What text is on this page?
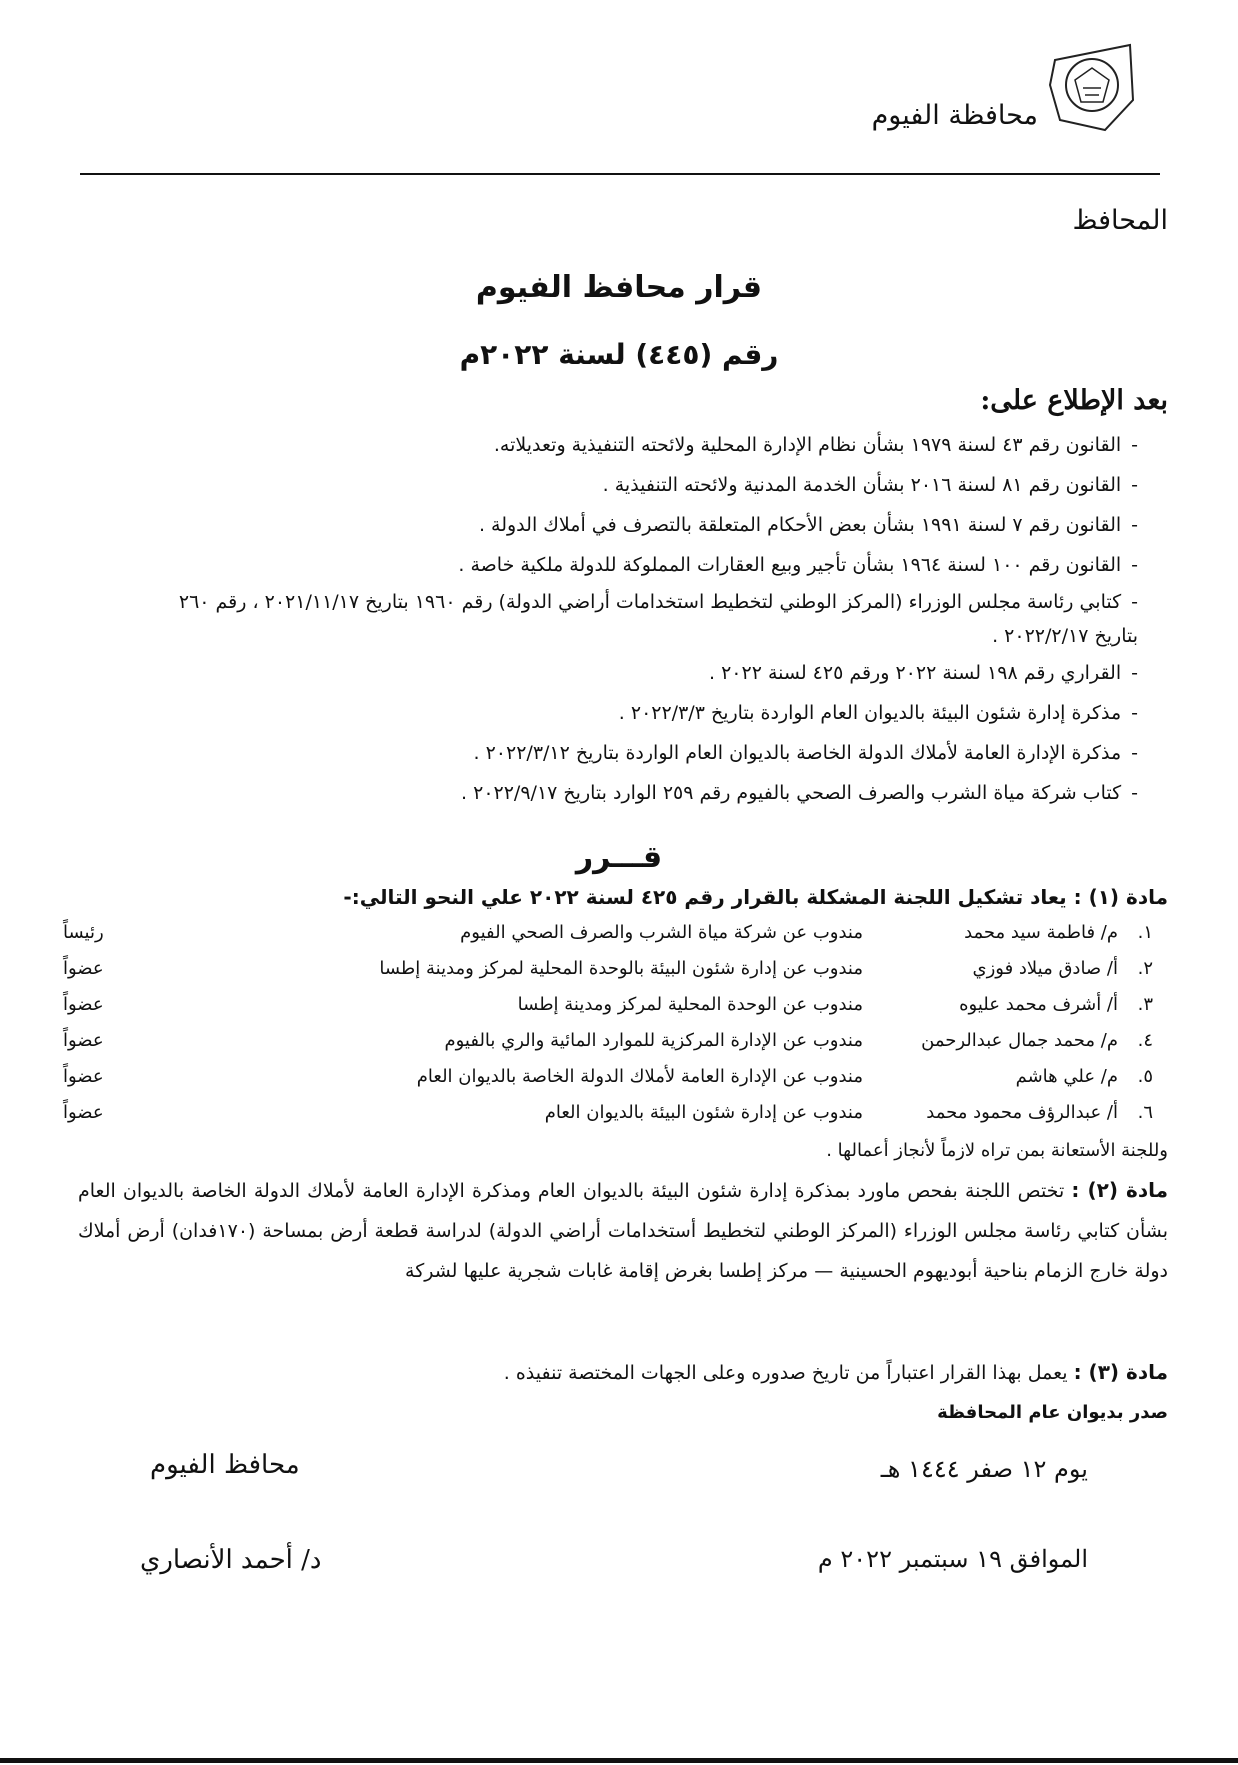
محافظة الفيوم
المحافظ
قرار محافظ الفيوم
رقم (٤٤٥) لسنة ٢٠٢٢م
بعد الإطلاع على:
- القانون رقم ٤٣ لسنة ١٩٧٩ بشأن نظام الإدارة المحلية ولائحته التنفيذية وتعديلاته.
- القانون رقم ٨١ لسنة ٢٠١٦ بشأن الخدمة المدنية ولائحته التنفيذية .
- القانون رقم ٧ لسنة ١٩٩١ بشأن بعض الأحكام المتعلقة بالتصرف في أملاك الدولة .
- القانون رقم ١٠٠ لسنة ١٩٦٤ بشأن تأجير وبيع العقارات المملوكة للدولة ملكية خاصة .
- كتابي رئاسة مجلس الوزراء (المركز الوطني لتخطيط استخدامات أراضي الدولة) رقم ١٩٦٠ بتاريخ ٢٠٢١/١١/١٧ ، رقم ٢٦٠ بتاريخ ٢٠٢٢/٢/١٧ .
- القراري رقم ١٩٨ لسنة ٢٠٢٢ ورقم ٤٢٥ لسنة ٢٠٢٢ .
- مذكرة إدارة شئون البيئة بالديوان العام الواردة بتاريخ ٢٠٢٢/٣/٣ .
- مذكرة الإدارة العامة لأملاك الدولة الخاصة بالديوان العام الواردة بتاريخ ٢٠٢٢/٣/١٢ .
- كتاب شركة مياة الشرب والصرف الصحي بالفيوم رقم ٢٥٩ الوارد بتاريخ ٢٠٢٢/٩/١٧ .
قـــرر
مادة (١) : يعاد تشكيل اللجنة المشكلة بالقرار رقم ٤٢٥ لسنة ٢٠٢٢ علي النحو التالي:-
١.
م/ فاطمة سيد محمد
مندوب عن شركة مياة الشرب والصرف الصحي الفيوم
رئيساً
٢.
أ/ صادق ميلاد فوزي
مندوب عن إدارة شئون البيئة بالوحدة المحلية لمركز ومدينة إطسا
عضواً
٣.
أ/ أشرف محمد عليوه
مندوب عن الوحدة المحلية لمركز ومدينة إطسا
عضواً
٤.
م/ محمد جمال عبدالرحمن
مندوب عن الإدارة المركزية للموارد المائية والري بالفيوم
عضواً
٥.
م/ علي هاشم
مندوب عن الإدارة العامة لأملاك الدولة الخاصة بالديوان العام
عضواً
٦.
أ/ عبدالرؤف محمود محمد
مندوب عن إدارة شئون البيئة بالديوان العام
عضواً
وللجنة الأستعانة بمن تراه لازماً لأنجاز أعمالها .
مادة (٢) : تختص اللجنة بفحص ماورد بمذكرة إدارة شئون البيئة بالديوان العام ومذكرة الإدارة العامة لأملاك الدولة الخاصة بالديوان العام بشأن كتابي رئاسة مجلس الوزراء (المركز الوطني لتخطيط أستخدامات أراضي الدولة) لدراسة قطعة أرض بمساحة (١٧٠فدان) أرض أملاك دولة خارج الزمام بناحية أبوديهوم الحسينية — مركز إطسا بغرض إقامة غابات شجرية عليها لشركة
مادة (٣) : يعمل بهذا القرار اعتباراً من تاريخ صدوره وعلى الجهات المختصة تنفيذه .
صدر بديوان عام المحافظة
يوم ١٢ صفر ١٤٤٤ هـ
الموافق ١٩ سبتمبر ٢٠٢٢ م
محافظ الفيوم
د/ أحمد الأنصاري
